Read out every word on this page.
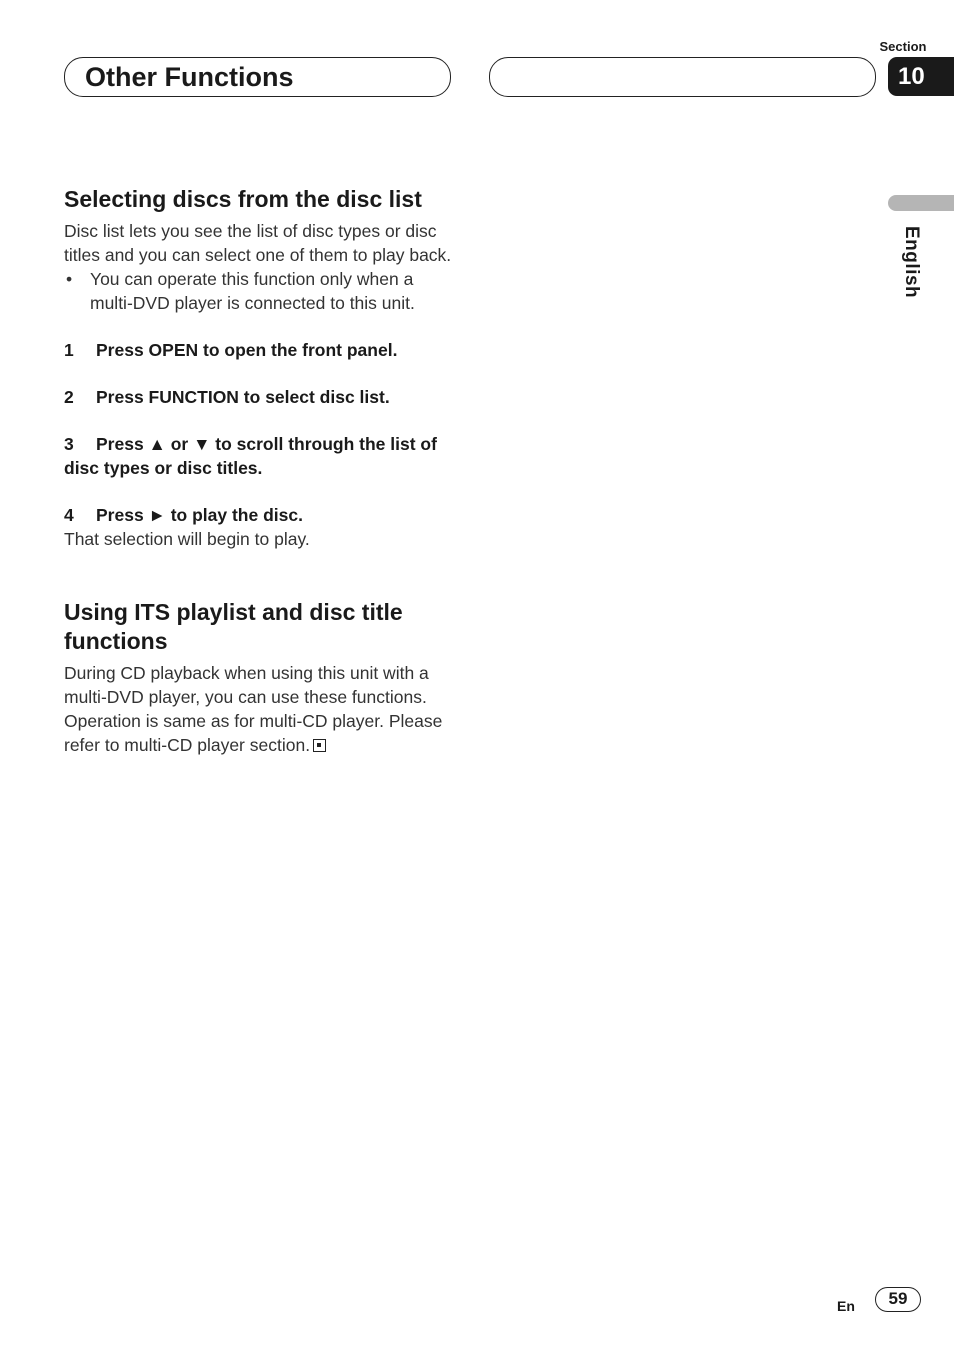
Other Functions
Section
10
English
Selecting discs from the disc list

Disc list lets you see the list of disc types or disc titles and you can select one of them to play back.

• You can operate this function only when a multi-DVD player is connected to this unit.

1 Press OPEN to open the front panel.
2 Press FUNCTION to select disc list.
3 Press ▲ or ▼ to scroll through the list of disc types or disc titles.
4 Press ► to play the disc.

That selection will begin to play.

Using ITS playlist and disc title functions

During CD playback when using this unit with a multi-DVD player, you can use these functions. Operation is same as for multi-CD player. Please refer to multi-CD player section.

En	59
